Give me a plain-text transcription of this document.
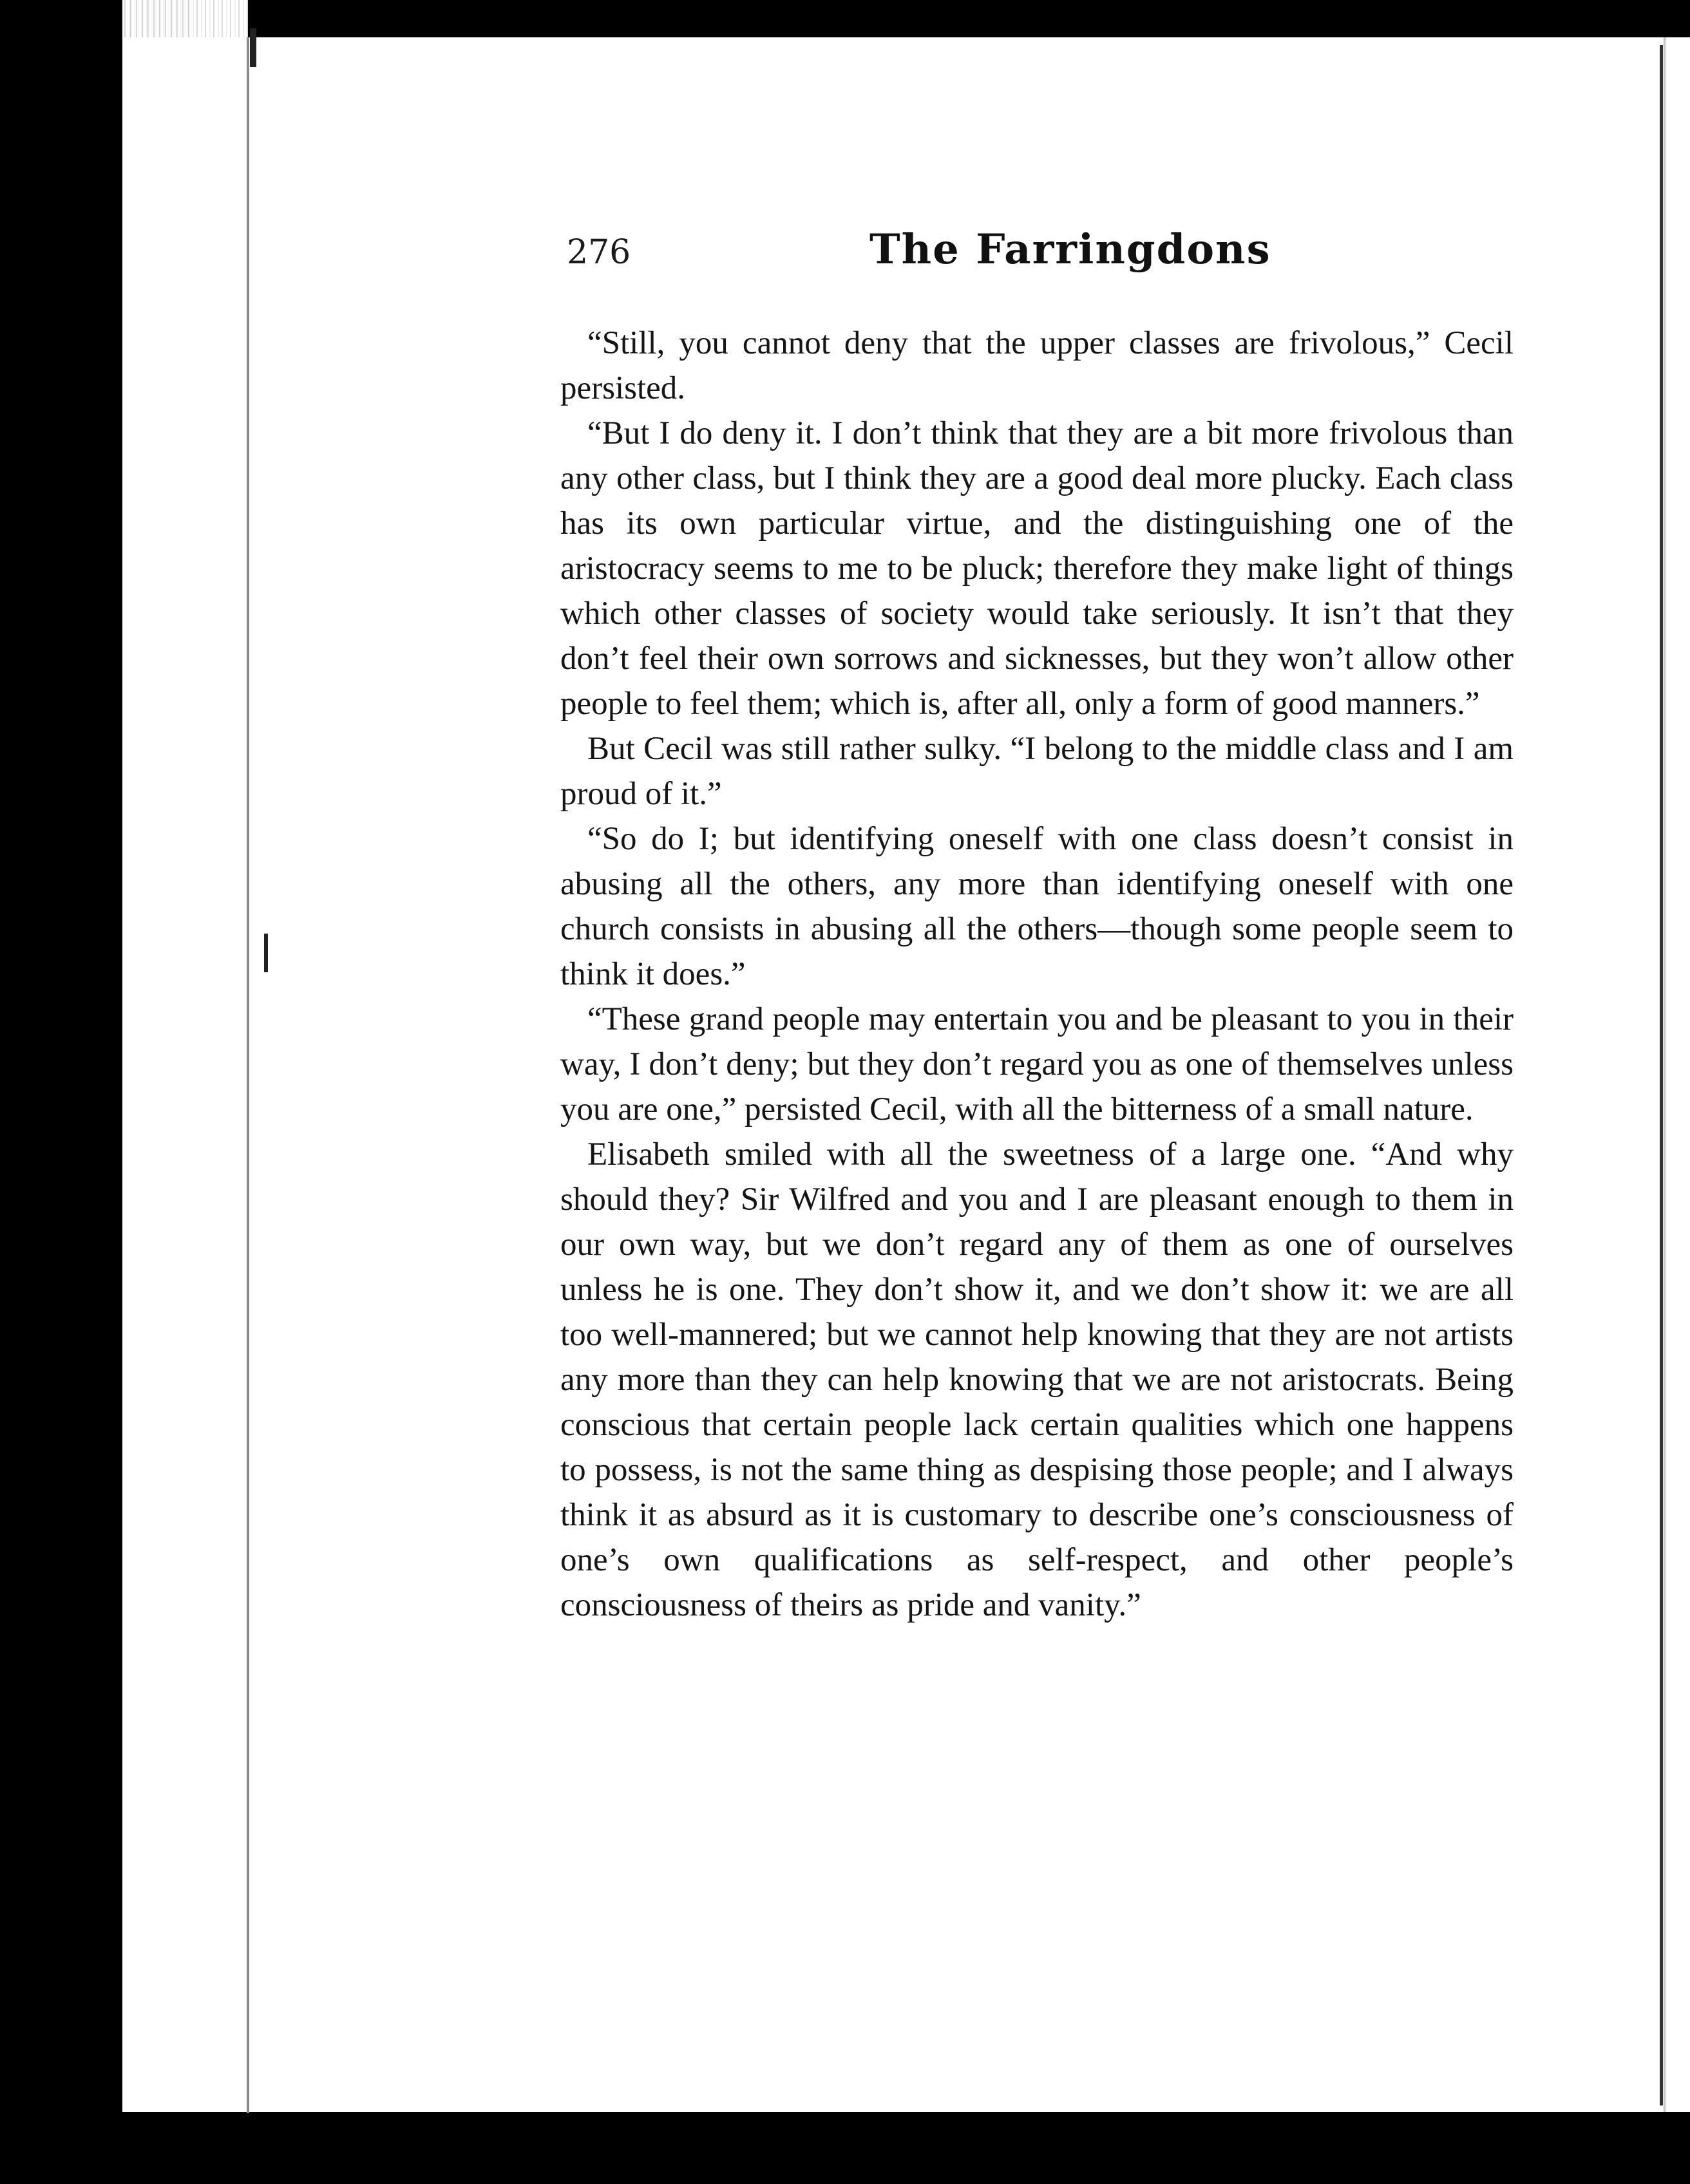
276	The Farringdons

“Still, you cannot deny that the upper classes are frivolous,” Cecil persisted.

“But I do deny it. I don’t think that they are a bit more frivolous than any other class, but I think they are a good deal more plucky. Each class has its own particular virtue, and the distinguishing one of the aristocracy seems to me to be pluck; therefore they make light of things which other classes of society would take seriously. It isn’t that they don’t feel their own sorrows and sicknesses, but they won’t allow other people to feel them; which is, after all, only a form of good manners.”

But Cecil was still rather sulky. “I belong to the middle class and I am proud of it.”

“So do I; but identifying oneself with one class doesn’t consist in abusing all the others, any more than identifying oneself with one church consists in abusing all the others—though some people seem to think it does.”

“These grand people may entertain you and be pleasant to you in their way, I don’t deny; but they don’t regard you as one of themselves unless you are one,” persisted Cecil, with all the bitterness of a small nature.

Elisabeth smiled with all the sweetness of a large one. “And why should they? Sir Wilfred and you and I are pleasant enough to them in our own way, but we don’t regard any of them as one of ourselves unless he is one. They don’t show it, and we don’t show it: we are all too well-mannered; but we cannot help knowing that they are not artists any more than they can help knowing that we are not aristocrats. Being conscious that certain people lack certain qualities which one happens to possess, is not the same thing as despising those people; and I always think it as absurd as it is customary to describe one’s consciousness of one’s own qualifications as self-respect, and other people’s consciousness of theirs as pride and vanity.”
